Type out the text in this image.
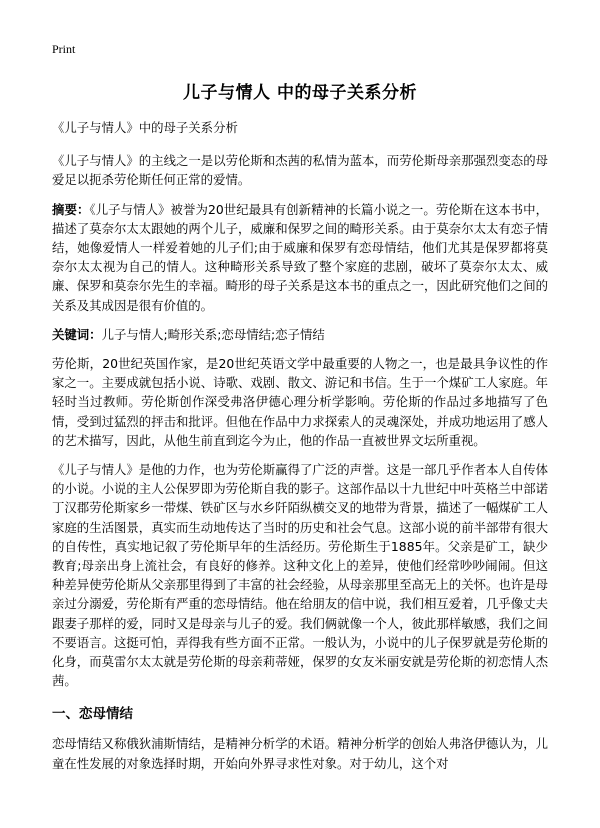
Print
儿子与情人 中的母子关系分析

《儿子与情人》中的母子关系分析

《儿子与情人》的主线之一是以劳伦斯和杰茜的私情为蓝本，而劳伦斯母亲那强烈变态的母爱足以扼杀劳伦斯任何正常的爱情。

摘要：《儿子与情人》被誉为20世纪最具有创新精神的长篇小说之一。劳伦斯在这本书中，描述了莫奈尔太太跟她的两个儿子，威廉和保罗之间的畸形关系。由于莫奈尔太太有恋子情结，她像爱情人一样爱着她的儿子们;由于威廉和保罗有恋母情结，他们尤其是保罗都将莫奈尔太太视为自己的情人。这种畸形关系导致了整个家庭的悲剧，破坏了莫奈尔太太、威廉、保罗和莫奈尔先生的幸福。畸形的母子关系是这本书的重点之一，因此研究他们之间的关系及其成因是很有价值的。

关键词：儿子与情人;畸形关系;恋母情结;恋子情结

劳伦斯，20世纪英国作家，是20世纪英语文学中最重要的人物之一，也是最具争议性的作家之一。主要成就包括小说、诗歌、戏剧、散文、游记和书信。生于一个煤矿工人家庭。年轻时当过教师。劳伦斯创作深受弗洛伊德心理分析学影响。劳伦斯的作品过多地描写了色情，受到过猛烈的抨击和批评。但他在作品中力求探索人的灵魂深处，并成功地运用了感人的艺术描写，因此，从他生前直到迄今为止，他的作品一直被世界文坛所重视。

《儿子与情人》是他的力作，也为劳伦斯赢得了广泛的声誉。这是一部几乎作者本人自传体的小说。小说的主人公保罗即为劳伦斯自我的影子。这部作品以十九世纪中叶英格兰中部诺丁汉郡劳伦斯家乡一带煤、铁矿区与水乡阡陌纵横交叉的地带为背景，描述了一幅煤矿工人家庭的生活图景，真实而生动地传达了当时的历史和社会气息。这部小说的前半部带有很大的自传性，真实地记叙了劳伦斯早年的生活经历。劳伦斯生于1885年。父亲是矿工，缺少教育;母亲出身上流社会，有良好的修养。这种文化上的差异，使他们经常吵吵闹闹。但这种差异使劳伦斯从父亲那里得到了丰富的社会经验，从母亲那里至高无上的关怀。也许是母亲过分溺爱，劳伦斯有严重的恋母情结。他在给朋友的信中说，我们相互爱着，几乎像丈夫跟妻子那样的爱，同时又是母亲与儿子的爱。我们俩就像一个人，彼此那样敏感，我们之间不要语言。这挺可怕，弄得我有些方面不正常。一般认为，小说中的儿子保罗就是劳伦斯的化身，而莫雷尔太太就是劳伦斯的母亲莉蒂娅，保罗的女友米丽安就是劳伦斯的初恋情人杰茜。

一、恋母情结

恋母情结又称俄狄浦斯情结，是精神分析学的术语。精神分析学的创始人弗洛伊德认为，儿童在性发展的对象选择时期，开始向外界寻求性对象。对于幼儿，这个对
